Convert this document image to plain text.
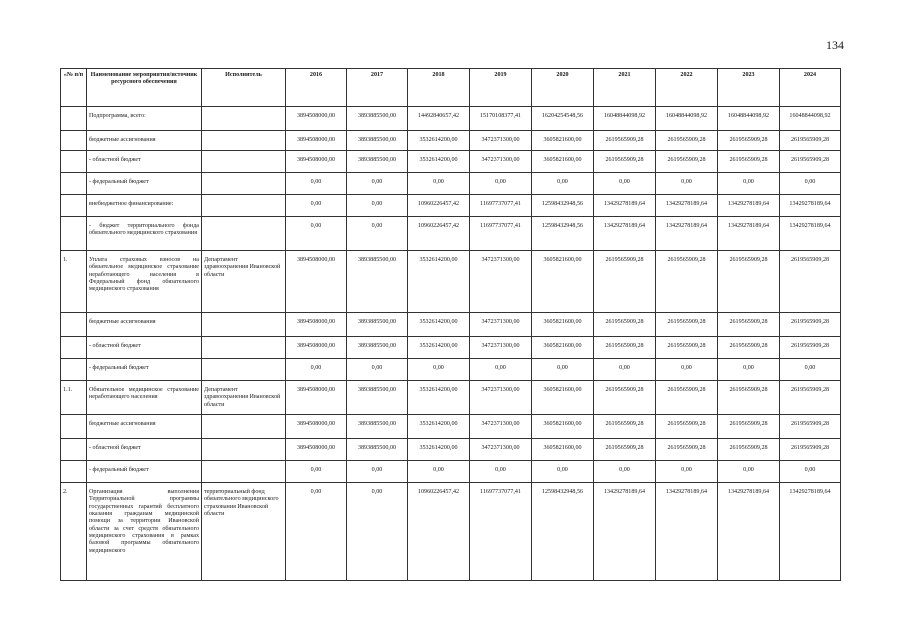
134
«№ п/п	Наименование мероприятия/источник ресурсного обеспечения	Исполнитель	2016	2017	2018	2019	2020	2021	2022	2023	2024
	Подпрограмма, всего:		3894508000,00	3893885500,00	14492840657,42	15170108377,41	16204254548,56	16048844098,92	16048844098,92	16048844098,92	16048844098,92
	бюджетные ассигнования		3894508000,00	3893885500,00	3532614200,00	3472371300,00	3605821600,00	2619565909,28	2619565909,28	2619565909,28	2619565909,28
	- областной бюджет		3894508000,00	3893885500,00	3532614200,00	3472371300,00	3605821600,00	2619565909,28	2619565909,28	2619565909,28	2619565909,28
	- федеральный бюджет		0,00	0,00	0,00	0,00	0,00	0,00	0,00	0,00	0,00
	внебюджетное финансирование:		0,00	0,00	10960226457,42	11697737077,41	12598432948,56	13429278189,64	13429278189,64	13429278189,64	13429278189,64
	- бюджет территориального фонда обязательного медицинского страхования		0,00	0,00	10960226457,42	11697737077,41	12598432948,56	13429278189,64	13429278189,64	13429278189,64	13429278189,64
1.	Уплата страховых взносов на обязательное медицинское страхование неработающего населения в Федеральный фонд обязательного медицинского страхования	Департамент здравоохранения Ивановской области	3894508000,00	3893885500,00	3532614200,00	3472371300,00	3605821600,00	2619565909,28	2619565909,28	2619565909,28	2619565909,28
	бюджетные ассигнования		3894508000,00	3893885500,00	3532614200,00	3472371300,00	3605821600,00	2619565909,28	2619565909,28	2619565909,28	2619565909,28
	- областной бюджет		3894508000,00	3893885500,00	3532614200,00	3472371300,00	3605821600,00	2619565909,28	2619565909,28	2619565909,28	2619565909,28
	- федеральный бюджет		0,00	0,00	0,00	0,00	0,00	0,00	0,00	0,00	0,00
1.1.	Обязательное медицинское страхование неработающего населения	Департамент здравоохранения Ивановской области	3894508000,00	3893885500,00	3532614200,00	3472371300,00	3605821600,00	2619565909,28	2619565909,28	2619565909,28	2619565909,28
	бюджетные ассигнования		3894508000,00	3893885500,00	3532614200,00	3472371300,00	3605821600,00	2619565909,28	2619565909,28	2619565909,28	2619565909,28
	- областной бюджет		3894508000,00	3893885500,00	3532614200,00	3472371300,00	3605821600,00	2619565909,28	2619565909,28	2619565909,28	2619565909,28
	- федеральный бюджет		0,00	0,00	0,00	0,00	0,00	0,00	0,00	0,00	0,00
2.	Организация выполнения Территориальной программы государственных гарантий бесплатного оказания гражданам медицинской помощи за территории Ивановской области за счет средств обязательного медицинского страхования в рамках базовой программы обязательного медицинского	территориальный фонд обязательного медицинского страхования Ивановской области	0,00	0,00	10960226457,42	11697737077,41	12598432948,56	13429278189,64	13429278189,64	13429278189,64	13429278189,64
